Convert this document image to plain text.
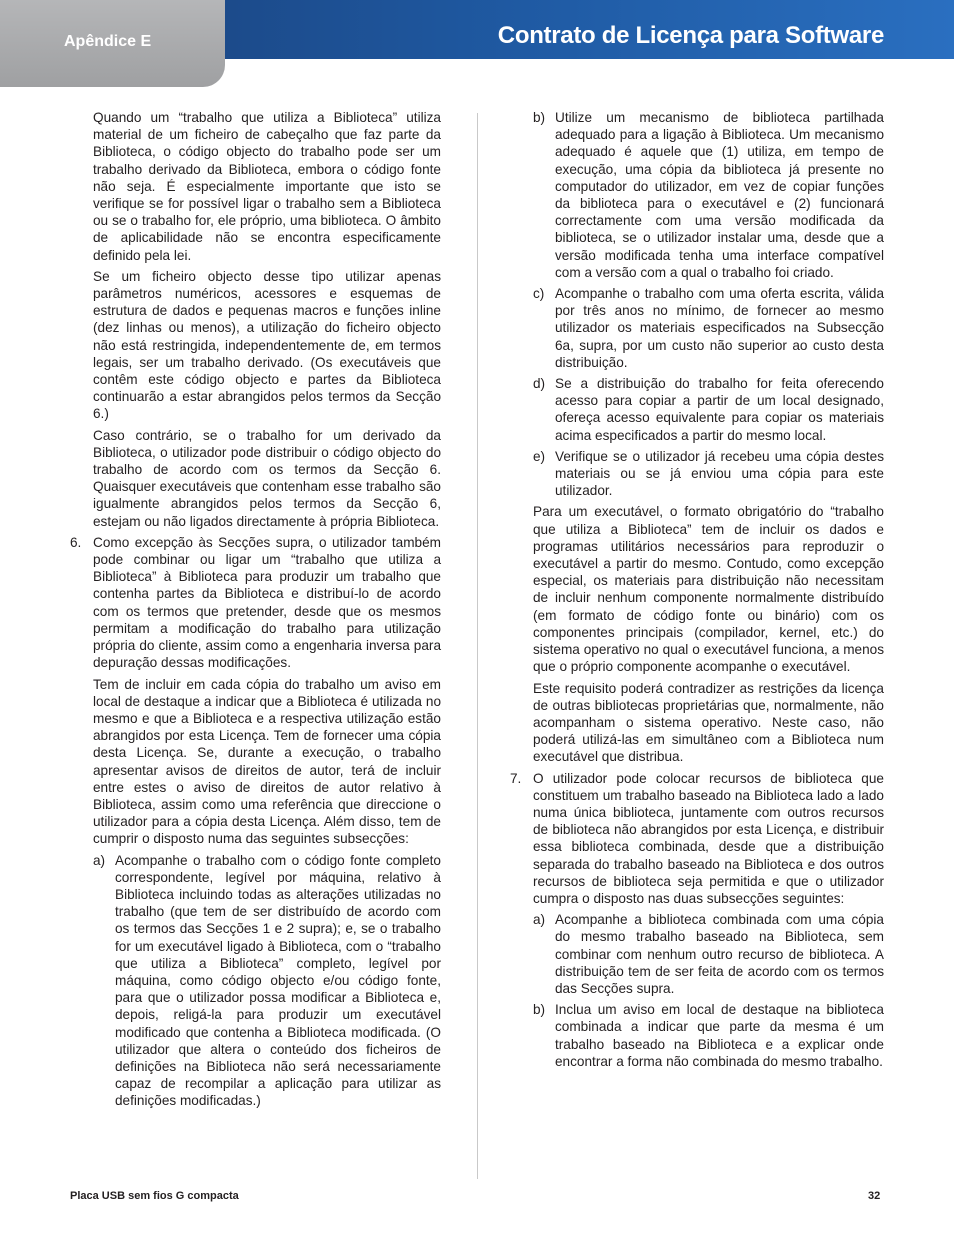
Apêndice E	Contrato de Licença para Software

Quando um “trabalho que utiliza a Biblioteca” utiliza material de um ficheiro de cabeçalho que faz parte da Biblioteca, o código objecto do trabalho pode ser um trabalho derivado da Biblioteca, embora o código fonte não seja. É especialmente importante que isto se verifique se for possível ligar o trabalho sem a Biblioteca ou se o trabalho for, ele próprio, uma biblioteca. O âmbito de aplicabilidade não se encontra especificamente definido pela lei.

Se um ficheiro objecto desse tipo utilizar apenas parâmetros numéricos, acessores e esquemas de estrutura de dados e pequenas macros e funções inline (dez linhas ou menos), a utilização do ficheiro objecto não está restringida, independentemente de, em termos legais, ser um trabalho derivado. (Os executáveis que contêm este código objecto e partes da Biblioteca continuarão a estar abrangidos pelos termos da Secção 6.)

Caso contrário, se o trabalho for um derivado da Biblioteca, o utilizador pode distribuir o código objecto do trabalho de acordo com os termos da Secção 6. Quaisquer executáveis que contenham esse trabalho são igualmente abrangidos pelos termos da Secção 6, estejam ou não ligados directamente à própria Biblioteca.

6. Como excepção às Secções supra, o utilizador também pode combinar ou ligar um “trabalho que utiliza a Biblioteca” à Biblioteca para produzir um trabalho que contenha partes da Biblioteca e distribuí-lo de acordo com os termos que pretender, desde que os mesmos permitam a modificação do trabalho para utilização própria do cliente, assim como a engenharia inversa para depuração dessas modificações.

Tem de incluir em cada cópia do trabalho um aviso em local de destaque a indicar que a Biblioteca é utilizada no mesmo e que a Biblioteca e a respectiva utilização estão abrangidos por esta Licença. Tem de fornecer uma cópia desta Licença. Se, durante a execução, o trabalho apresentar avisos de direitos de autor, terá de incluir entre estes o aviso de direitos de autor relativo à Biblioteca, assim como uma referência que direccione o utilizador para a cópia desta Licença. Além disso, tem de cumprir o disposto numa das seguintes subsecções:

a) Acompanhe o trabalho com o código fonte completo correspondente, legível por máquina, relativo à Biblioteca incluindo todas as alterações utilizadas no trabalho (que tem de ser distribuído de acordo com os termos das Secções 1 e 2 supra); e, se o trabalho for um executável ligado à Biblioteca, com o “trabalho que utiliza a Biblioteca” completo, legível por máquina, como código objecto e/ou código fonte, para que o utilizador possa modificar a Biblioteca e, depois, religá-la para produzir um executável modificado que contenha a Biblioteca modificada. (O utilizador que altera o conteúdo dos ficheiros de definições na Biblioteca não será necessariamente capaz de recompilar a aplicação para utilizar as definições modificadas.)
b) Utilize um mecanismo de biblioteca partilhada adequado para a ligação à Biblioteca. Um mecanismo adequado é aquele que (1) utiliza, em tempo de execução, uma cópia da biblioteca já presente no computador do utilizador, em vez de copiar funções da biblioteca para o executável e (2) funcionará correctamente com uma versão modificada da biblioteca, se o utilizador instalar uma, desde que a versão modificada tenha uma interface compatível com a versão com a qual o trabalho foi criado.
c) Acompanhe o trabalho com uma oferta escrita, válida por três anos no mínimo, de fornecer ao mesmo utilizador os materiais especificados na Subsecção 6a, supra, por um custo não superior ao custo desta distribuição.
d) Se a distribuição do trabalho for feita oferecendo acesso para copiar a partir de um local designado, ofereça acesso equivalente para copiar os materiais acima especificados a partir do mesmo local.
e) Verifique se o utilizador já recebeu uma cópia destes materiais ou se já enviou uma cópia para este utilizador.

Para um executável, o formato obrigatório do “trabalho que utiliza a Biblioteca” tem de incluir os dados e programas utilitários necessários para reproduzir o executável a partir do mesmo. Contudo, como excepção especial, os materiais para distribuição não necessitam de incluir nenhum componente normalmente distribuído (em formato de código fonte ou binário) com os componentes principais (compilador, kernel, etc.) do sistema operativo no qual o executável funciona, a menos que o próprio componente acompanhe o executável.

Este requisito poderá contradizer as restrições da licença de outras bibliotecas proprietárias que, normalmente, não acompanham o sistema operativo. Neste caso, não poderá utilizá-las em simultâneo com a Biblioteca num executável que distribua.

7. O utilizador pode colocar recursos de biblioteca que constituem um trabalho baseado na Biblioteca lado a lado numa única biblioteca, juntamente com outros recursos de biblioteca não abrangidos por esta Licença, e distribuir essa biblioteca combinada, desde que a distribuição separada do trabalho baseado na Biblioteca e dos outros recursos de biblioteca seja permitida e que o utilizador cumpra o disposto nas duas subsecções seguintes:
a) Acompanhe a biblioteca combinada com uma cópia do mesmo trabalho baseado na Biblioteca, sem combinar com nenhum outro recurso de biblioteca. A distribuição tem de ser feita de acordo com os termos das Secções supra.
b) Inclua um aviso em local de destaque na biblioteca combinada a indicar que parte da mesma é um trabalho baseado na Biblioteca e a explicar onde encontrar a forma não combinada do mesmo trabalho.
Placa USB sem fios G compacta	32
